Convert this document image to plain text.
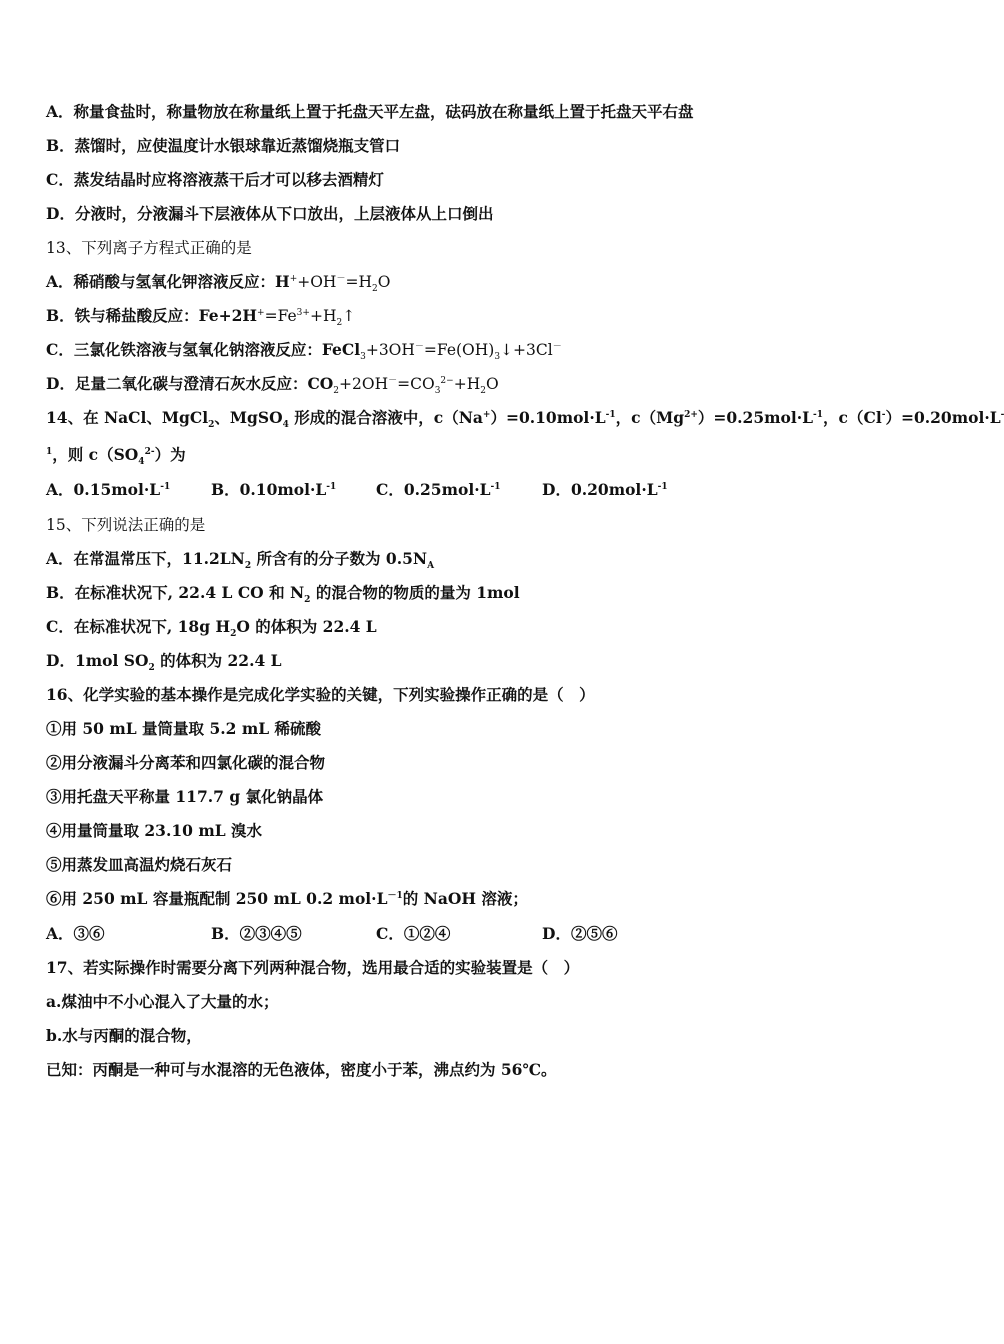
A．称量食盐时，称量物放在称量纸上置于托盘天平左盘，砝码放在称量纸上置于托盘天平右盘
B．蒸馏时，应使温度计水银球靠近蒸馏烧瓶支管口
C．蒸发结晶时应将溶液蒸干后才可以移去酒精灯
D．分液时，分液漏斗下层液体从下口放出，上层液体从上口倒出
13、下列离子方程式正确的是
A．稀硝酸与氢氧化钾溶液反应：$H^++OH^-=H_2O$
B．铁与稀盐酸反应：$Fe+2H^+=Fe^{3+}+H_2↑$
C．三氯化铁溶液与氢氧化钠溶液反应：$FeCl_3+3OH^-=Fe(OH)_3↓+3Cl^-$
D．足量二氧化碳与澄清石灰水反应：$CO_2+2OH^-=CO_3^{2-}+H_2O$
14、在 NaCl、MgCl$_2$、MgSO$_4$ 形成的混合溶液中，$c(Na^+)=0.10mol\cdot L^{-1}$，$c(Mg^{2+})=0.25mol\cdot L^{-1}$，c（Cl-）=0.20mol·L
$^1$，则 $c(SO_4^{2-})$为
A．$0.15mol\cdot L^{-1}$	B．$0.10mol\cdot L^{-1}$	C．$0.25mol\cdot L^{-1}$	D．$0.20mol\cdot L^{-1}$
15、下列说法正确的是
A．在常温常压下，$11.2LN_2$ 所含有的分子数为 $0.5N_A$
B．在标准状况下, 22.4 L CO 和 $N_2$ 的混合物的物质的量为 1mol
C．在标准状况下, 18g $H_2O$ 的体积为 22.4 L
D．1mol $SO_2$ 的体积为 22.4 L
16、化学实验的基本操作是完成化学实验的关键，下列实验操作正确的是（　）
①用 50 mL 量筒量取 5.2 mL 稀硫酸
②用分液漏斗分离苯和四氯化碳的混合物
③用托盘天平称量 117.7 g 氯化钠晶体
④用量筒量取 23.10 mL 溴水
⑤用蒸发皿高温灼烧石灰石
⑥用 250 mL 容量瓶配制 250 mL 0.2 $mol\cdot L^{-1}$的 NaOH 溶液；
A．③⑥	B．②③④⑤	C．①②④	D．②⑤⑥
17、若实际操作时需要分离下列两种混合物，选用最合适的实验装置是（　）
a.煤油中不小心混入了大量的水；
b.水与丙酮的混合物，
已知：丙酮是一种可与水混溶的无色液体，密度小于苯，沸点约为 56℃。
